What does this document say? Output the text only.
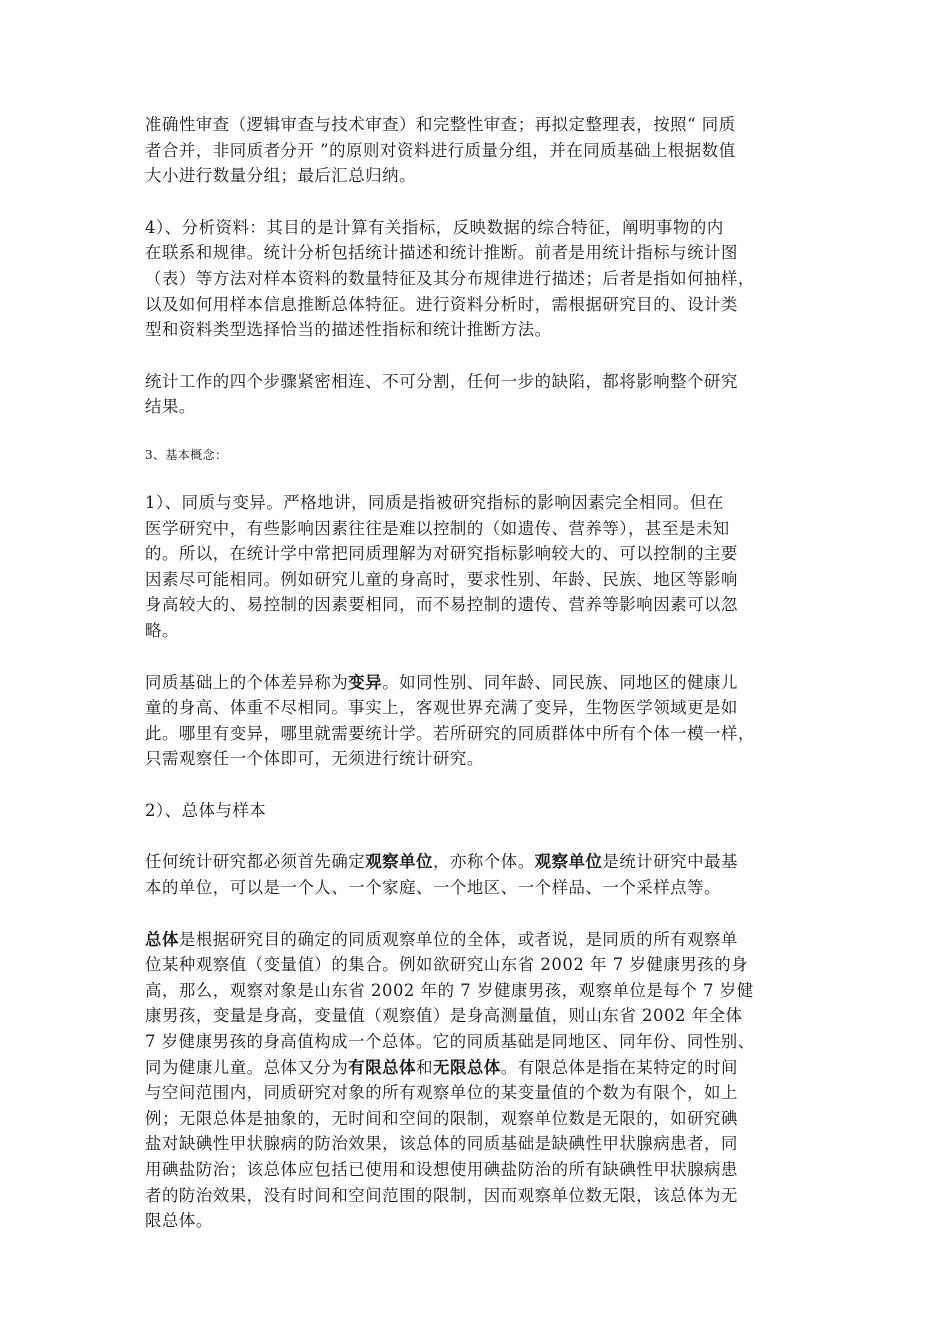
准确性审查（逻辑审查与技术审查）和完整性审查；再拟定整理表，按照“ 同质
者合并，非同质者分开 ”的原则对资料进行质量分组，并在同质基础上根据数值
大小进行数量分组；最后汇总归纳。

4）、分析资料：其目的是计算有关指标，反映数据的综合特征，阐明事物的内
在联系和规律。统计分析包括统计描述和统计推断。前者是用统计指标与统计图
（表）等方法对样本资料的数量特征及其分布规律进行描述；后者是指如何抽样，
以及如何用样本信息推断总体特征。进行资料分析时，需根据研究目的、设计类
型和资料类型选择恰当的描述性指标和统计推断方法。

统计工作的四个步骤紧密相连、不可分割，任何一步的缺陷，都将影响整个研究
结果。

3、基本概念：

1）、同质与变异。严格地讲，同质是指被研究指标的影响因素完全相同。但在
医学研究中，有些影响因素往往是难以控制的（如遗传、营养等），甚至是未知
的。所以，在统计学中常把同质理解为对研究指标影响较大的、可以控制的主要
因素尽可能相同。例如研究儿童的身高时，要求性别、年龄、民族、地区等影响
身高较大的、易控制的因素要相同，而不易控制的遗传、营养等影响因素可以忽
略。

同质基础上的个体差异称为变异。如同性别、同年龄、同民族、同地区的健康儿
童的身高、体重不尽相同。事实上，客观世界充满了变异，生物医学领域更是如
此。哪里有变异，哪里就需要统计学。若所研究的同质群体中所有个体一模一样，
只需观察任一个体即可，无须进行统计研究。

2）、总体与样本

任何统计研究都必须首先确定观察单位，亦称个体。观察单位是统计研究中最基
本的单位，可以是一个人、一个家庭、一个地区、一个样品、一个采样点等。

总体是根据研究目的确定的同质观察单位的全体，或者说，是同质的所有观察单
位某种观察值（变量值）的集合。例如欲研究山东省 2002 年 7 岁健康男孩的身
高，那么，观察对象是山东省 2002 年的 7 岁健康男孩，观察单位是每个 7 岁健
康男孩，变量是身高，变量值（观察值）是身高测量值，则山东省 2002 年全体
7 岁健康男孩的身高值构成一个总体。它的同质基础是同地区、同年份、同性别、
同为健康儿童。总体又分为有限总体和无限总体。有限总体是指在某特定的时间
与空间范围内，同质研究对象的所有观察单位的某变量值的个数为有限个，如上
例；无限总体是抽象的，无时间和空间的限制，观察单位数是无限的，如研究碘
盐对缺碘性甲状腺病的防治效果，该总体的同质基础是缺碘性甲状腺病患者，同
用碘盐防治；该总体应包括已使用和设想使用碘盐防治的所有缺碘性甲状腺病患
者的防治效果，没有时间和空间范围的限制，因而观察单位数无限，该总体为无
限总体。
